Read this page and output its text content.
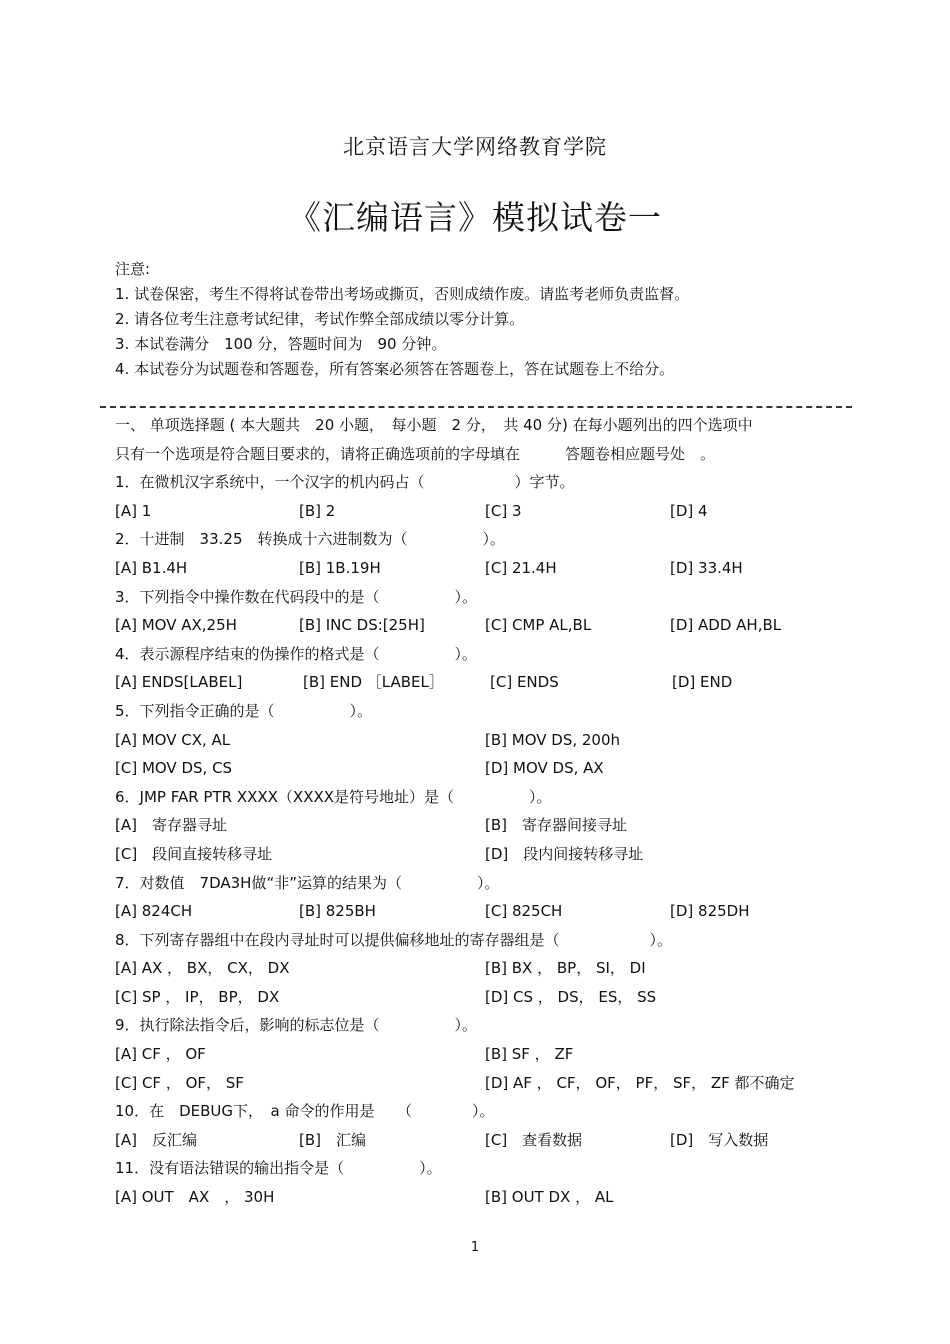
北京语言大学网络教育学院
《汇编语言》模拟试卷一
注意:
1. 试卷保密，考生不得将试卷带出考场或撕页，否则成绩作废。请监考老师负责监督。
2. 请各位考生注意考试纪律，考试作弊全部成绩以零分计算。
3. 本试卷满分　100 分，答题时间为　90 分钟。
4. 本试卷分为试题卷和答题卷，所有答案必须答在答题卷上，答在试题卷上不给分。
一、 单项选择题 ( 本大题共　20 小题，　每小题　2 分，　共 40 分) 在每小题列出的四个选项中
只有一个选项是符合题目要求的，请将正确选项前的字母填在　　　答题卷相应题号处　。
1．在微机汉字系统中，一个汉字的机内码占（　　　　　　）字节。
[A] 1	[B] 2	[C] 3	[D] 4
2．十进制　33.25　转换成十六进制数为（　　　　　）。
[A] B1.4H	[B] 1B.19H	[C] 21.4H	[D] 33.4H
3．下列指令中操作数在代码段中的是（　　　　　）。
[A] MOV AX,25H	[B] INC DS:[25H]	[C] CMP AL,BL	[D] ADD AH,BL
4．表示源程序结束的伪操作的格式是（　　　　　）。
[A] ENDS[LABEL]	[B] END ［LABEL］	[C] ENDS	[D] END
5．下列指令正确的是（　　　　　）。
[A] MOV CX, AL	[B] MOV DS, 200h
[C] MOV DS, CS	[D] MOV DS, AX
6．JMP FAR PTR XXXX（XXXX是符号地址）是（　　　　　）。
[A]　寄存器寻址	[B]　寄存器间接寻址
[C]　段间直接转移寻址	[D]　段内间接转移寻址
7．对数值　7DA3H做“非”运算的结果为（　　　　　）。
[A] 824CH	[B] 825BH	[C] 825CH	[D] 825DH
8．下列寄存器组中在段内寻址时可以提供偏移地址的寄存器组是（　　　　　　）。
[A] AX ， BX， CX， DX	[B] BX ， BP， SI， DI
[C] SP ， IP， BP， DX	[D] CS ， DS， ES， SS
9．执行除法指令后，影响的标志位是（　　　　　）。
[A] CF ， OF	[B] SF ， ZF
[C] CF ， OF， SF	[D] AF ， CF， OF， PF， SF， ZF 都不确定
10．在　DEBUG下，　a 命令的作用是　　（　　　　）。
[A]　反汇编	[B]　汇编	[C]　查看数据	[D]　写入数据
11．没有语法错误的输出指令是（　　　　　）。
[A] OUT　AX　， 30H	[B] OUT DX ， AL
1
